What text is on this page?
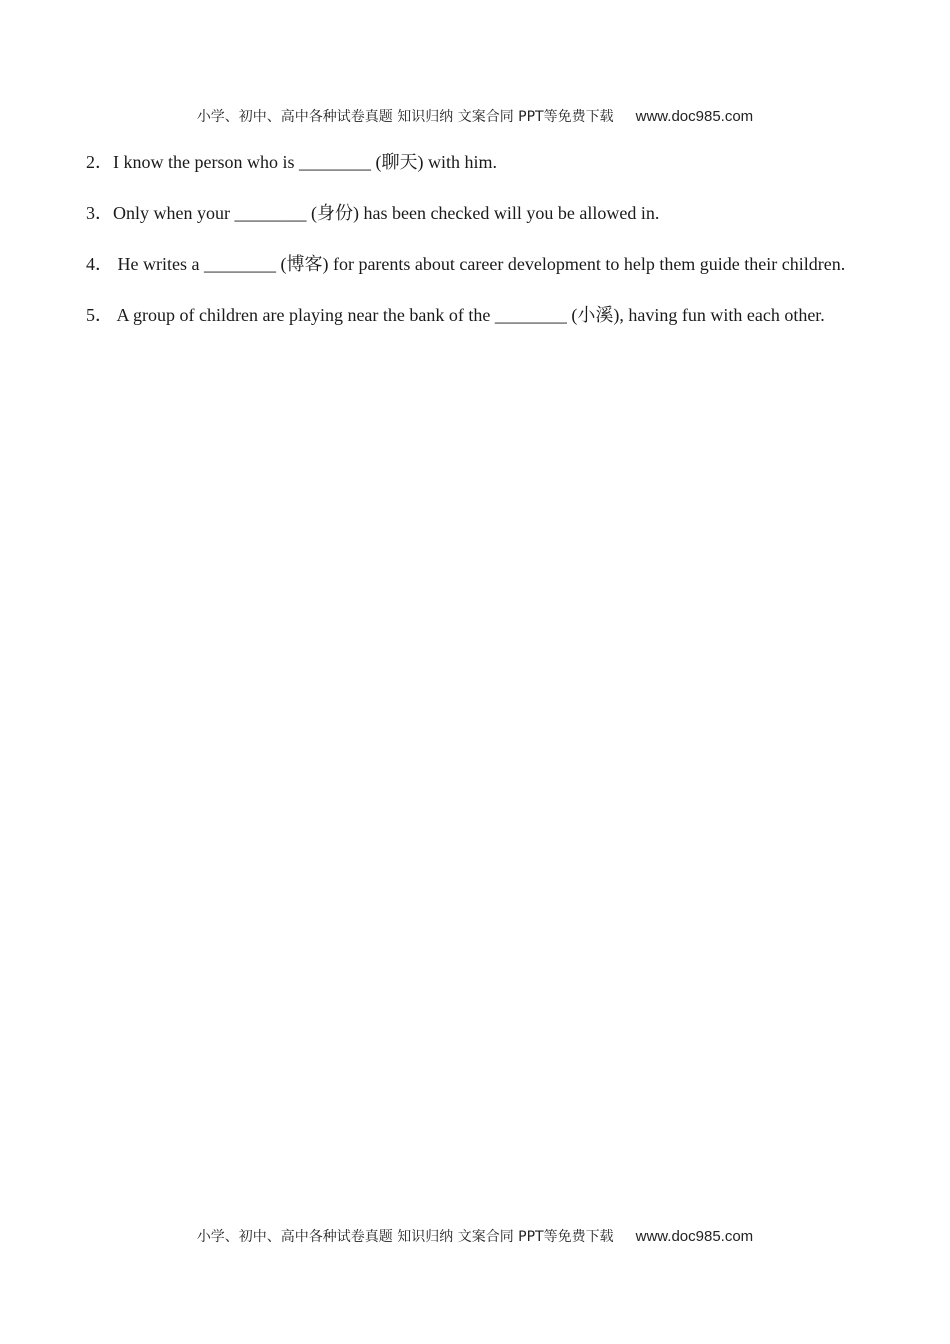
小学、初中、高中各种试卷真题 知识归纳 文案合同 PPT等免费下载 www.doc985.com

2．I know the person who is ________ (聊天) with him.

3．Only when your ________ (身份) has been checked will you be allowed in.

4． He writes a ________ (博客) for parents about career development to help them guide their children.

5． A group of children are playing near the bank of the ________ (小溪), having fun with each other.

小学、初中、高中各种试卷真题 知识归纳 文案合同 PPT等免费下载 www.doc985.com
